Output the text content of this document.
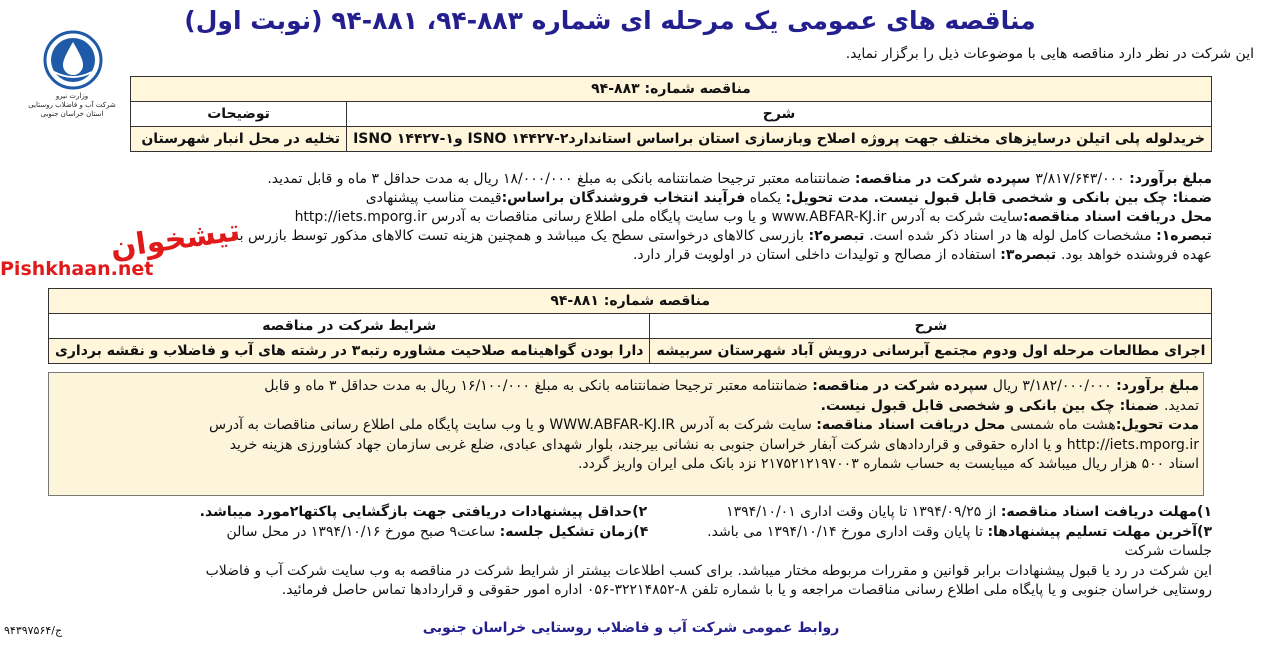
مناقصه های عمومی یک مرحله ای شماره ۸۸۳-۹۴، ۸۸۱-۹۴ (نوبت اول)
این شرکت در نظر دارد مناقصه هایی با موضوعات ذیل را برگزار نماید.
وزارت نیرو
شرکت آب و فاضلاب روستایی
استان خراسان جنوبی
مناقصه شماره: ۸۸۳-۹۴	
شرح	توضیحات
خریدلوله پلی اتیلن درسایزهای مختلف جهت پروژه اصلاح وبازسازی استان براساس استاندارد۲-۱۴۴۲۷ ISNO و۱-۱۴۴۲۷ ISNO	تخلیه در محل انبار شهرستان
مبلغ برآورد: ۳/۸۱۷/۶۴۳/۰۰۰ سپرده شرکت در مناقصه: ضمانتنامه معتبر ترجیحا ضمانتنامه بانکی به مبلغ ۱۸/۰۰۰/۰۰۰ ریال به مدت حداقل ۳ ماه و قابل تمدید.
ضمنا: چک بین بانکی و شخصی قابل قبول نیست. مدت تحویل: یکماه فرآیند انتخاب فروشندگان براساس:قیمت مناسب پیشنهادی
محل دریافت اسناد مناقصه:سایت شرکت به آدرس www.ABFAR-KJ.ir و یا وب سایت پایگاه ملی اطلاع رسانی مناقصات به آدرس http://iets.mporg.ir
تبصره۱: مشخصات کامل لوله ها در اسناد ذکر شده است. تبصره۲: بازرسی کالاهای درخواستی سطح یک میباشد و همچنین هزینه تست کالاهای مذکور توسط بازرس به
عهده فروشنده خواهد بود. تبصره۳: استفاده از مصالح و تولیدات داخلی استان در اولویت قرار دارد.
مناقصه شماره: ۸۸۱-۹۴	
شرح	شرایط شرکت در مناقصه
اجرای مطالعات مرحله اول ودوم مجتمع آبرسانی درویش آباد شهرستان سربیشه	دارا بودن گواهینامه صلاحیت مشاوره رتبه۳ در رشته های آب و فاضلاب و نقشه برداری
مبلغ برآورد: ۳/۱۸۲/۰۰۰/۰۰۰ ریال سپرده شرکت در مناقصه: ضمانتنامه معتبر ترجیحا ضمانتنامه بانکی به مبلغ ۱۶/۱۰۰/۰۰۰ ریال به مدت حداقل ۳ ماه و قابل
تمدید. ضمنا: چک بین بانکی و شخصی قابل قبول نیست.
مدت تحویل:هشت ماه شمسی محل دریافت اسناد مناقصه: سایت شرکت به آدرس WWW.ABFAR-KJ.IR و یا وب سایت پایگاه ملی اطلاع رسانی مناقصات به آدرس
http://iets.mporg.ir و یا اداره حقوقی و قراردادهای شرکت آبفار خراسان جنوبی به نشانی بیرجند، بلوار شهدای عبادی، ضلع غربی سازمان جهاد کشاورزی هزینه خرید
اسناد ۵۰۰ هزار ریال میباشد که میبایست به حساب شماره ۲۱۷۵۲۱۲۱۹۷۰۰۳ نزد بانک ملی ایران واریز گردد.
۱)مهلت دریافت اسناد مناقصه: از ۱۳۹۴/۰۹/۲۵ تا پایان وقت اداری ۱۳۹۴/۱۰/۰۱  ۲)حداقل پیشنهادات دریافتی جهت بازگشایی پاکتها۲مورد میباشد.
۳)آخرین مهلت تسلیم پیشنهادها: تا پایان وقت اداری مورخ ۱۳۹۴/۱۰/۱۴ می باشد.  ۴)زمان تشکیل جلسه: ساعت۹ صبح مورخ ۱۳۹۴/۱۰/۱۶ در محل سالن
جلسات شرکت
این شرکت در رد یا قبول پیشنهادات برابر قوانین و مقررات مربوطه مختار میباشد. برای کسب اطلاعات بیشتر از شرایط شرکت در مناقصه به وب سایت شرکت آب و فاضلاب
روستایی خراسان جنوبی و یا پایگاه ملی اطلاع رسانی مناقصات مراجعه و یا با شماره تلفن ۸-۳۲۲۱۴۸۵۲-۰۵۶ اداره امور حقوقی و قراردادها تماس حاصل فرمائید.
روابط عمومی شرکت آب و فاضلاب روستایی خراسان جنوبی
۹۴۳۹۷۵۶۴/ج
تیشخوان
Pishkhaan.net
